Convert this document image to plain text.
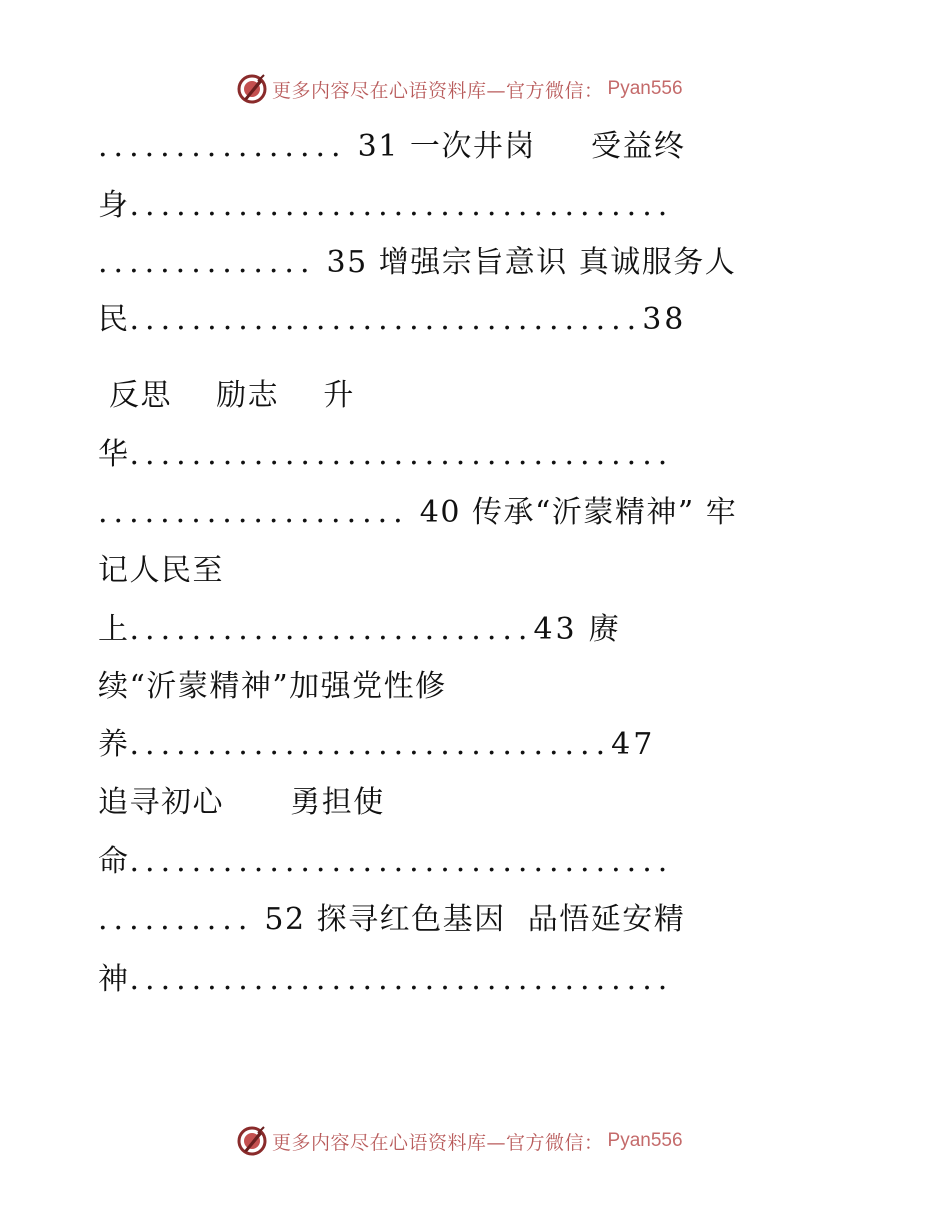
更多内容尽在心语资料库—官方微信： Pyan556
................ 31 一次井岗     受益终
身...................................
.............. 35 增强宗旨意识 真诚服务人
民.................................38
反思    励志    升
华...................................
.................... 40 传承“沂蒙精神” 牢
记人民至
上..........................43 赓
续“沂蒙精神”加强党性修
养...............................47
追寻初心      勇担使
命...................................
.......... 52 探寻红色基因  品悟延安精
神...................................
更多内容尽在心语资料库—官方微信： Pyan556
